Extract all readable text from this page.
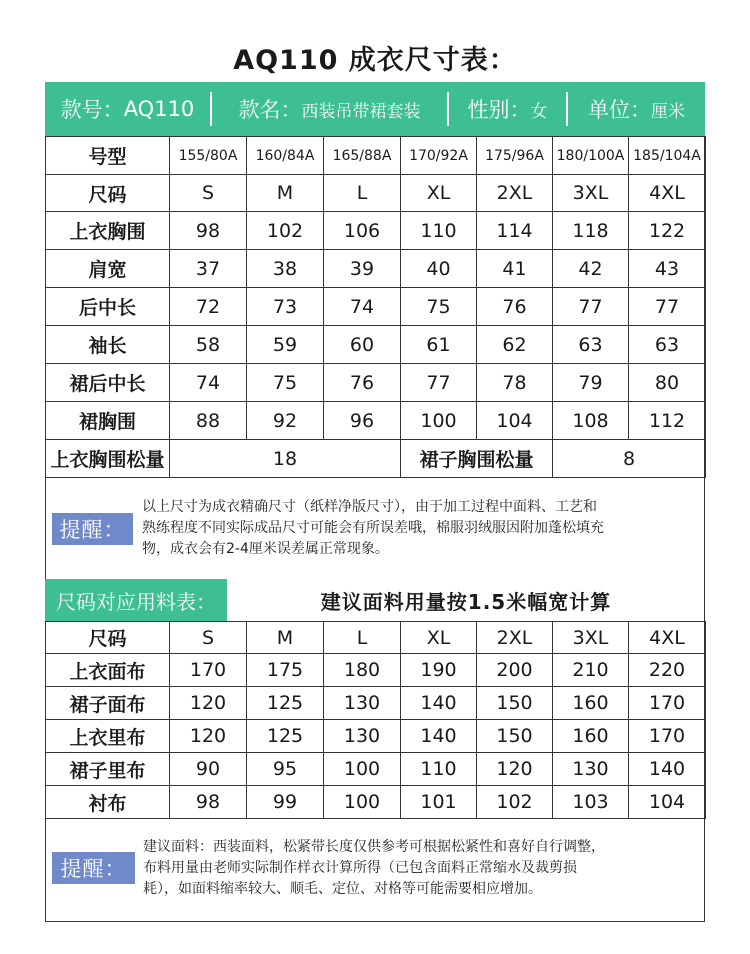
AQ110 成衣尺寸表：
款号： AQ110 款名： 西装吊带裙套装 性别： 女 单位： 厘米
号型	155/80A	160/84A	165/88A	170/92A	175/96A	180/100A	185/104A
尺码	S	M	L	XL	2XL	3XL	4XL
上衣胸围	98	102	106	110	114	118	122
肩宽	37	38	39	40	41	42	43
后中长	72	73	74	75	76	77	77
袖长	58	59	60	61	62	63	63
裙后中长	74	75	76	77	78	79	80
裙胸围	88	92	96	100	104	108	112
上衣胸围松量	18			裙子胸围松量		8	
提醒：
以上尺寸为成衣精确尺寸（纸样净版尺寸），由于加工过程中面料、工艺和
熟练程度不同实际成品尺寸可能会有所误差哦，棉服羽绒服因附加蓬松填充
物，成衣会有2-4厘米误差属正常现象。
尺码对应用料表：	建议面料用量按1.5米幅宽计算
尺码	S	M	L	XL	2XL	3XL	4XL
上衣面布	170	175	180	190	200	210	220
裙子面布	120	125	130	140	150	160	170
上衣里布	120	125	130	140	150	160	170
裙子里布	90	95	100	110	120	130	140
衬布	98	99	100	101	102	103	104
提醒：
建议面料：西装面料，松紧带长度仅供参考可根据松紧性和喜好自行调整，
布料用量由老师实际制作样衣计算所得（已包含面料正常缩水及裁剪损
耗），如面料缩率较大、顺毛、定位、对格等可能需要相应增加。
